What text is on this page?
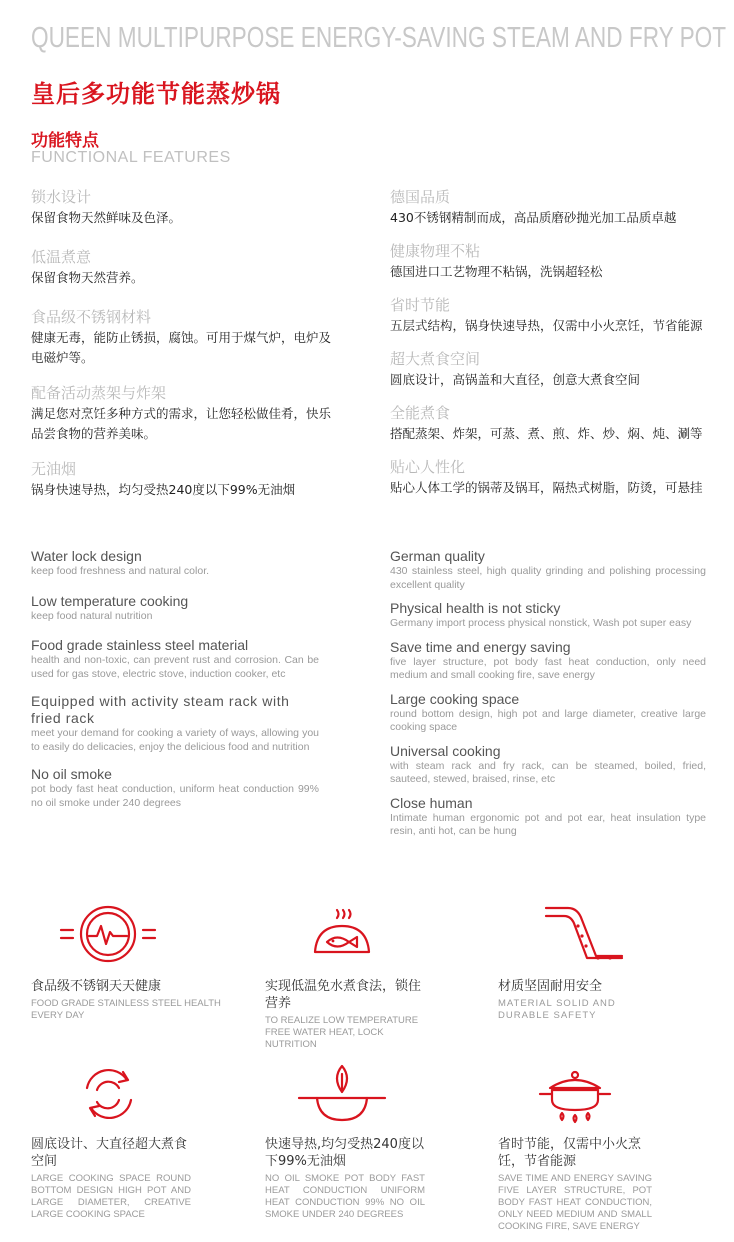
QUEEN MULTIPURPOSE ENERGY-SAVING STEAM AND FRY POT
皇后多功能节能蒸炒锅
功能特点
FUNCTIONAL FEATURES
锁水设计
保留食物天然鲜味及色泽。
低温煮意
保留食物天然营养。
食品级不锈钢材料
健康无毒，能防止锈损，腐蚀。可用于煤气炉，电炉及电磁炉等。
配备活动蒸架与炸架
满足您对烹饪多种方式的需求，让您轻松做佳肴，快乐品尝食物的营养美味。
无油烟
锅身快速导热，均匀受热240度以下99%无油烟
德国品质
430不锈钢精制而成，高品质磨砂抛光加工品质卓越
健康物理不粘
德国进口工艺物理不粘锅，洗锅超轻松
省时节能
五层式结构，锅身快速导热，仅需中小火烹饪，节省能源
超大煮食空间
圆底设计，高锅盖和大直径，创意大煮食空间
全能煮食
搭配蒸架、炸架，可蒸、煮、煎、炸、炒、焖、炖、涮等
贴心人性化
贴心人体工学的锅蒂及锅耳，隔热式树脂，防烫，可悬挂
Water lock design
keep food freshness and natural color.
Low temperature cooking
keep food natural nutrition
Food grade stainless steel material
health and non-toxic, can prevent rust and corrosion. Can be used for gas stove, electric stove, induction cooker, etc
Equipped with activity steam rack with fried rack
meet your demand for cooking a variety of ways, allowing you to easily do delicacies, enjoy the delicious food and nutrition
No oil smoke
pot body fast heat conduction, uniform heat conduction 99% no oil smoke under 240 degrees
German quality
430 stainless steel, high quality grinding and polishing processing excellent quality
Physical health is not sticky
Germany import process physical nonstick, Wash pot super easy
Save time and energy saving
five layer structure, pot body fast heat conduction, only need medium and small cooking fire, save energy
Large cooking space
round bottom design, high pot and large diameter, creative large cooking space
Universal cooking
with steam rack and fry rack, can be steamed, boiled, fried, sauteed, stewed, braised, rinse, etc
Close human
Intimate human ergonomic pot and pot ear, heat insulation type resin, anti hot, can be hung
食品级不锈钢天天健康
FOOD GRADE STAINLESS STEEL HEALTH EVERY DAY
实现低温免水煮食法，锁住营养
TO REALIZE LOW TEMPERATURE FREE WATER HEAT, LOCK NUTRITION
材质坚固耐用安全
MATERIAL SOLID AND DURABLE SAFETY
圆底设计、大直径超大煮食空间
LARGE COOKING SPACE ROUND BOTTOM DESIGN HIGH POT AND LARGE DIAMETER, CREATIVE LARGE COOKING SPACE
快速导热,均匀受热240度以下99%无油烟
NO OIL SMOKE POT BODY FAST HEAT CONDUCTION UNIFORM HEAT CONDUCTION 99% NO OIL SMOKE UNDER 240 DEGREES
省时节能，仅需中小火烹饪，节省能源
SAVE TIME AND ENERGY SAVING FIVE LAYER STRUCTURE, POT BODY FAST HEAT CONDUCTION, ONLY NEED MEDIUM AND SMALL COOKING FIRE, SAVE ENERGY
